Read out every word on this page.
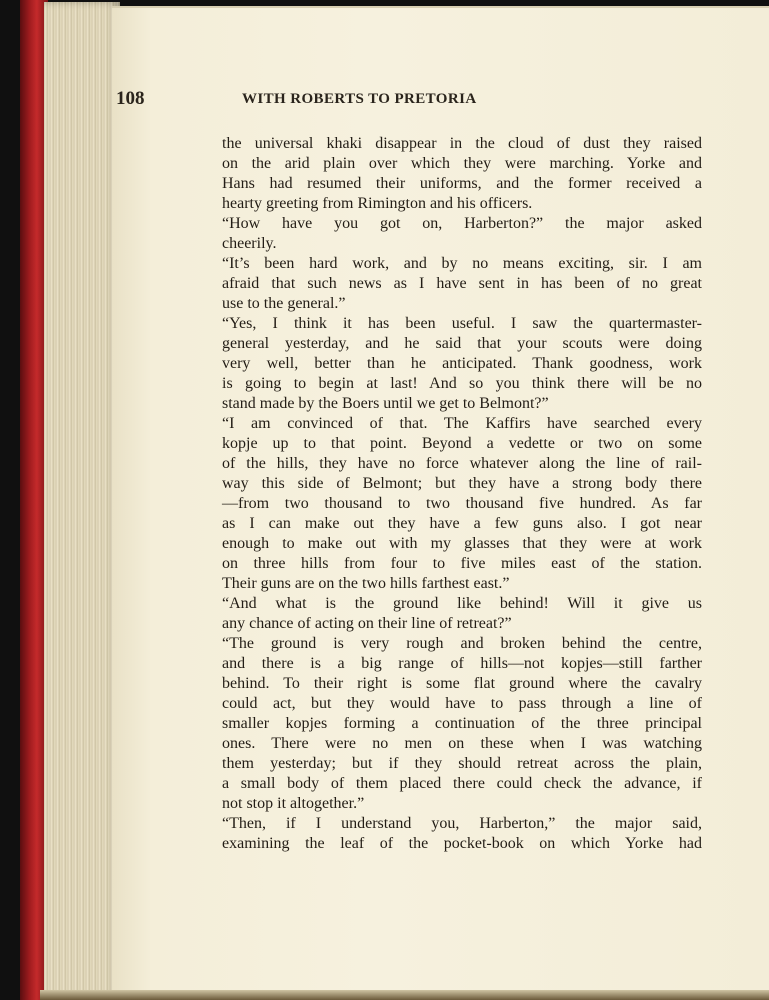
108	WITH ROBERTS TO PRETORIA
the universal khaki disappear in the cloud of dust they raised
on the arid plain over which they were marching. Yorke and
Hans had resumed their uniforms, and the former received a
hearty greeting from Rimington and his officers.
“How have you got on, Harberton?” the major asked
cheerily.
“It’s been hard work, and by no means exciting, sir. I am
afraid that such news as I have sent in has been of no great
use to the general.”
“Yes, I think it has been useful. I saw the quartermaster-
general yesterday, and he said that your scouts were doing
very well, better than he anticipated. Thank goodness, work
is going to begin at last! And so you think there will be no
stand made by the Boers until we get to Belmont?”
“I am convinced of that. The Kaffirs have searched every
kopje up to that point. Beyond a vedette or two on some
of the hills, they have no force whatever along the line of rail-
way this side of Belmont; but they have a strong body there
—from two thousand to two thousand five hundred. As far
as I can make out they have a few guns also. I got near
enough to make out with my glasses that they were at work
on three hills from four to five miles east of the station.
Their guns are on the two hills farthest east.”
“And what is the ground like behind! Will it give us
any chance of acting on their line of retreat?”
“The ground is very rough and broken behind the centre,
and there is a big range of hills—not kopjes—still farther
behind. To their right is some flat ground where the cavalry
could act, but they would have to pass through a line of
smaller kopjes forming a continuation of the three principal
ones. There were no men on these when I was watching
them yesterday; but if they should retreat across the plain,
a small body of them placed there could check the advance, if
not stop it altogether.”
“Then, if I understand you, Harberton,” the major said,
examining the leaf of the pocket-book on which Yorke had
